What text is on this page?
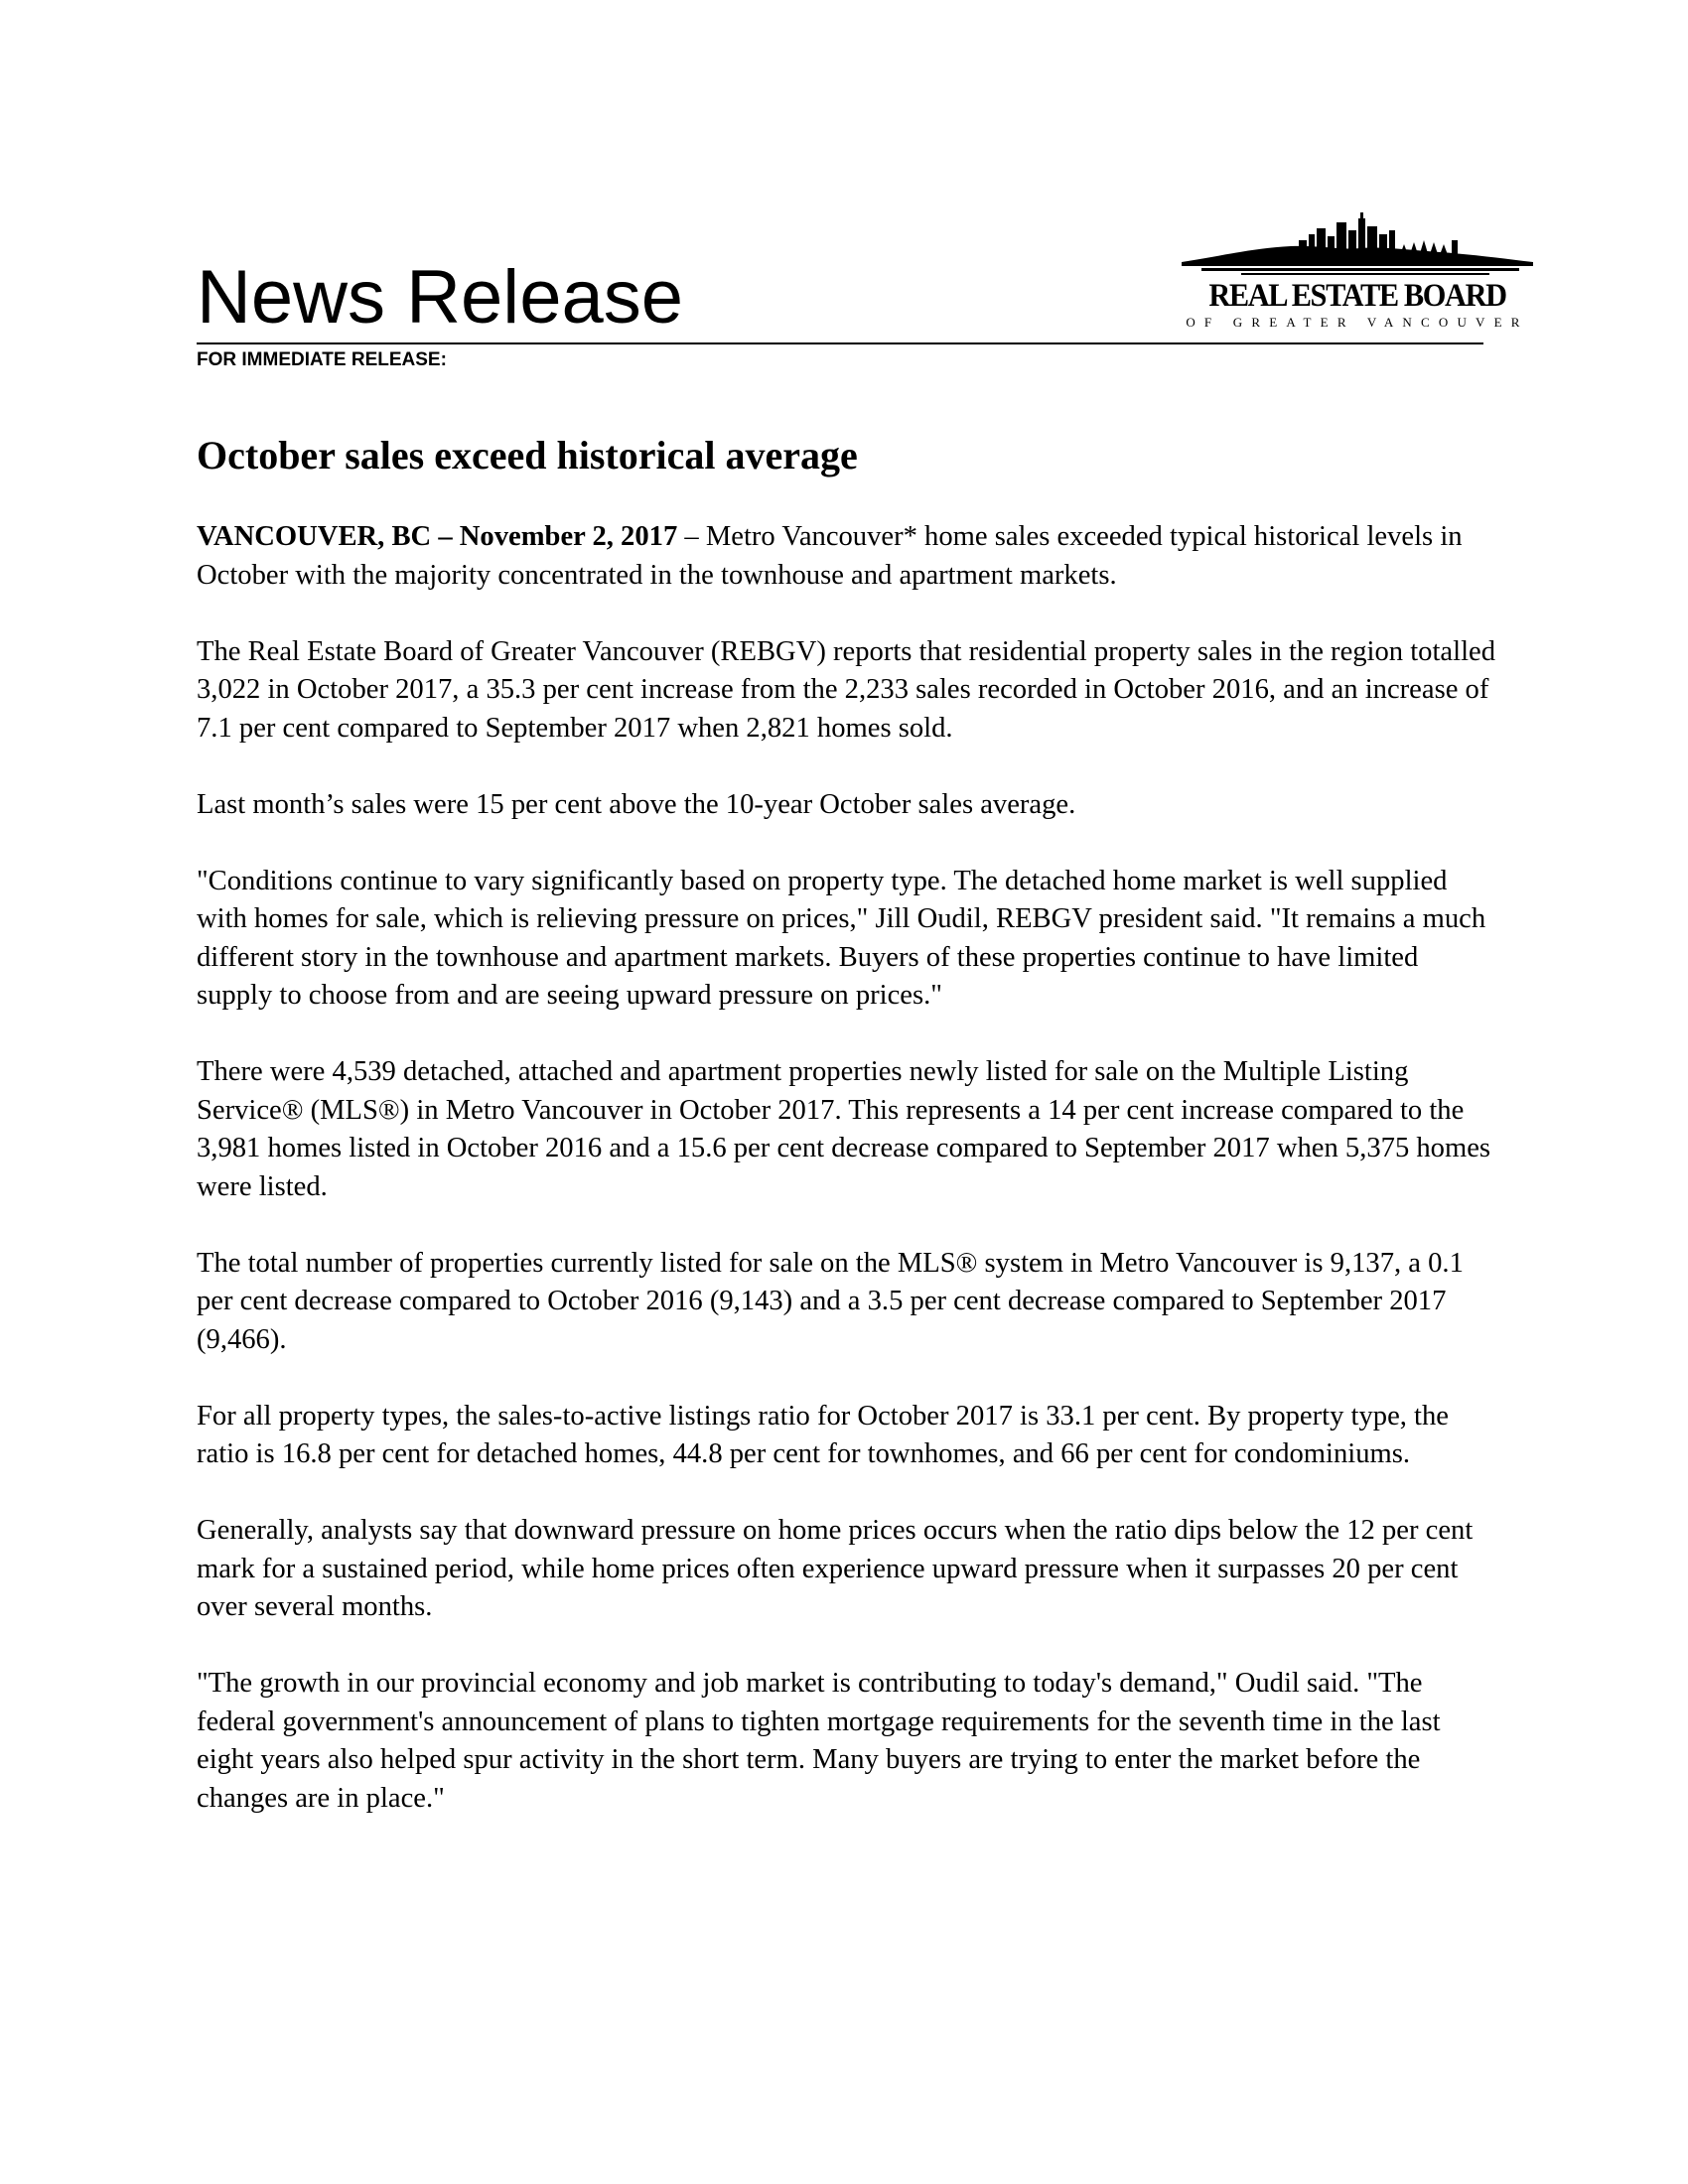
News Release	REAL ESTATE BOARD
OF GREATER VANCOUVER

FOR IMMEDIATE RELEASE:

October sales exceed historical average

VANCOUVER, BC – November 2, 2017 – Metro Vancouver* home sales exceeded typical historical levels in October with the majority concentrated in the townhouse and apartment markets.

The Real Estate Board of Greater Vancouver (REBGV) reports that residential property sales in the region totalled 3,022 in October 2017, a 35.3 per cent increase from the 2,233 sales recorded in October 2016, and an increase of 7.1 per cent compared to September 2017 when 2,821 homes sold.

Last month’s sales were 15 per cent above the 10-year October sales average.

"Conditions continue to vary significantly based on property type. The detached home market is well supplied with homes for sale, which is relieving pressure on prices," Jill Oudil, REBGV president said. "It remains a much different story in the townhouse and apartment markets. Buyers of these properties continue to have limited supply to choose from and are seeing upward pressure on prices."

There were 4,539 detached, attached and apartment properties newly listed for sale on the Multiple Listing Service® (MLS®) in Metro Vancouver in October 2017. This represents a 14 per cent increase compared to the 3,981 homes listed in October 2016 and a 15.6 per cent decrease compared to September 2017 when 5,375 homes were listed.

The total number of properties currently listed for sale on the MLS® system in Metro Vancouver is 9,137, a 0.1 per cent decrease compared to October 2016 (9,143) and a 3.5 per cent decrease compared to September 2017 (9,466).

For all property types, the sales-to-active listings ratio for October 2017 is 33.1 per cent. By property type, the ratio is 16.8 per cent for detached homes, 44.8 per cent for townhomes, and 66 per cent for condominiums.

Generally, analysts say that downward pressure on home prices occurs when the ratio dips below the 12 per cent mark for a sustained period, while home prices often experience upward pressure when it surpasses 20 per cent over several months.

"The growth in our provincial economy and job market is contributing to today's demand," Oudil said. "The federal government's announcement of plans to tighten mortgage requirements for the seventh time in the last eight years also helped spur activity in the short term. Many buyers are trying to enter the market before the changes are in place."
